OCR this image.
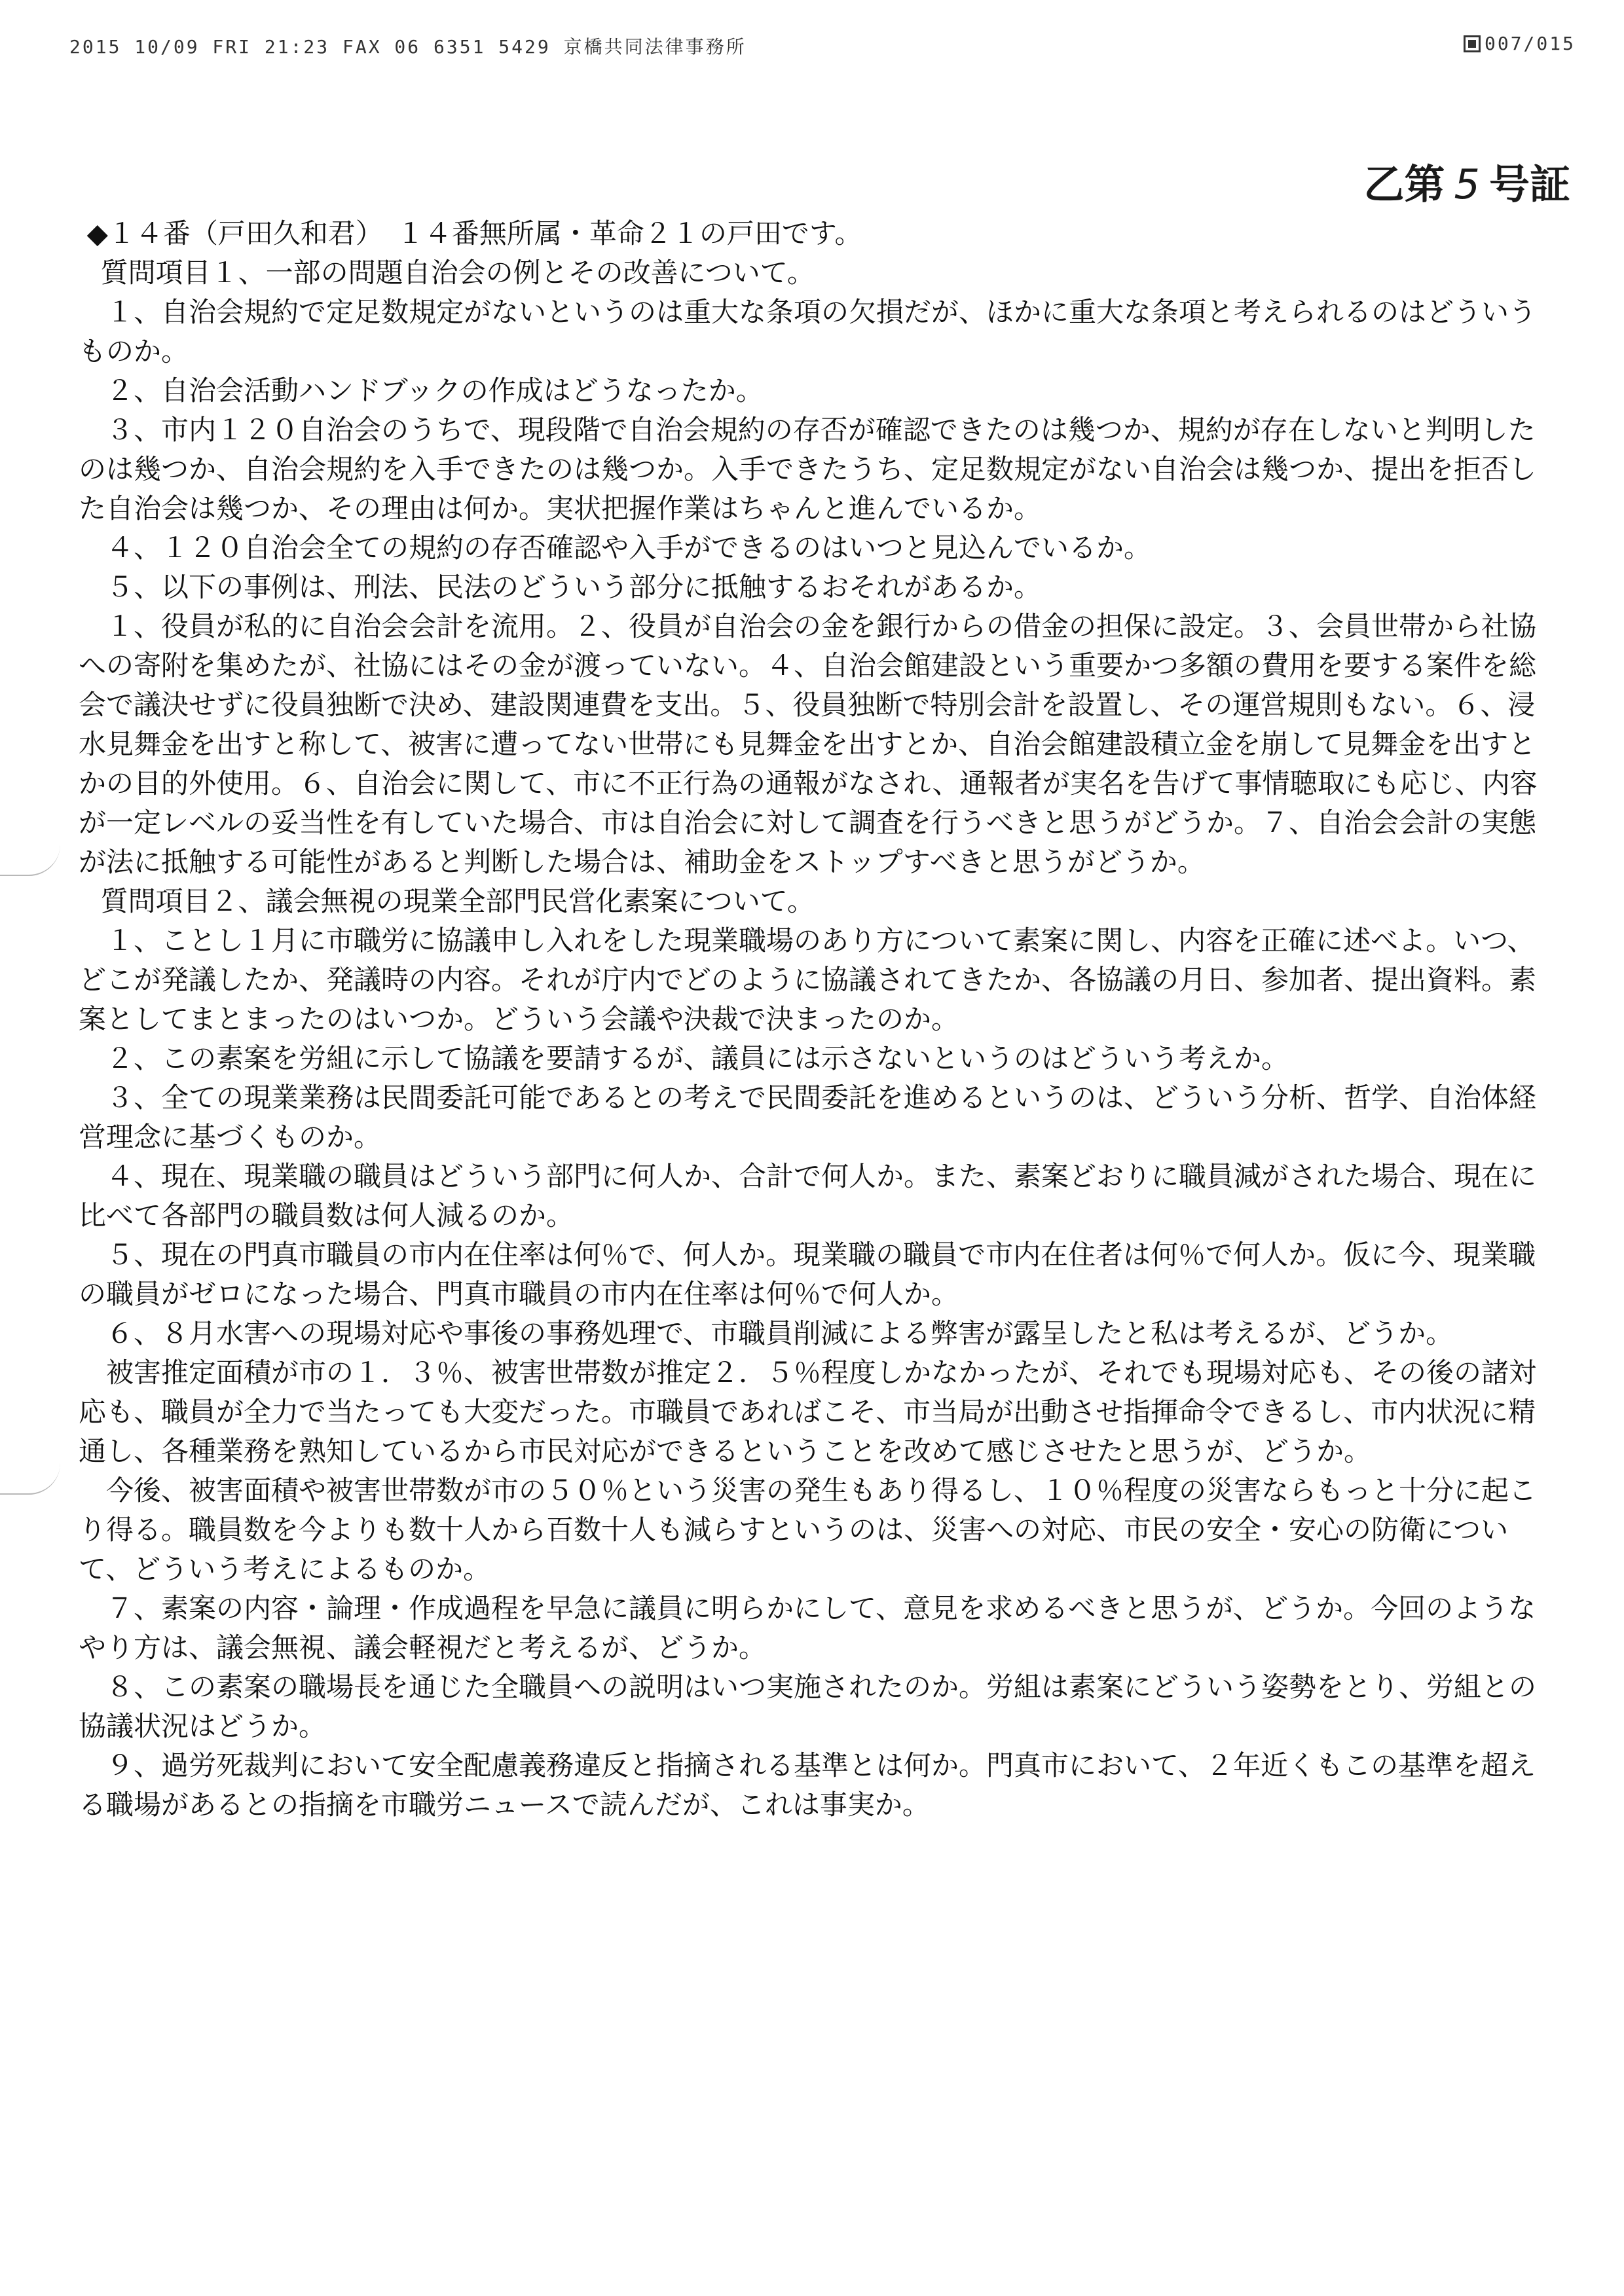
2015 10/09 FRI 21:23 FAX 06 6351 5429 京橋共同法律事務所	007/015
乙第 5 号証

◆１４番（戸田久和君）　１４番無所属・革命２１の戸田です。

質問項目１、一部の問題自治会の例とその改善について。

１、自治会規約で定足数規定がないというのは重大な条項の欠損だが、ほかに重大な条項と考えられるのはどういうものか。

２、自治会活動ハンドブックの作成はどうなったか。

３、市内１２０自治会のうちで、現段階で自治会規約の存否が確認できたのは幾つか、規約が存在しないと判明したのは幾つか、自治会規約を入手できたのは幾つか。入手できたうち、定足数規定がない自治会は幾つか、提出を拒否した自治会は幾つか、その理由は何か。実状把握作業はちゃんと進んでいるか。

４、１２０自治会全ての規約の存否確認や入手ができるのはいつと見込んでいるか。

５、以下の事例は、刑法、民法のどういう部分に抵触するおそれがあるか。

１、役員が私的に自治会会計を流用。２、役員が自治会の金を銀行からの借金の担保に設定。３、会員世帯から社協への寄附を集めたが、社協にはその金が渡っていない。４、自治会館建設という重要かつ多額の費用を要する案件を総会で議決せずに役員独断で決め、建設関連費を支出。５、役員独断で特別会計を設置し、その運営規則もない。６、浸水見舞金を出すと称して、被害に遭ってない世帯にも見舞金を出すとか、自治会館建設積立金を崩して見舞金を出すとかの目的外使用。６、自治会に関して、市に不正行為の通報がなされ、通報者が実名を告げて事情聴取にも応じ、内容が一定レベルの妥当性を有していた場合、市は自治会に対して調査を行うべきと思うがどうか。７、自治会会計の実態が法に抵触する可能性があると判断した場合は、補助金をストップすべきと思うがどうか。

質問項目２、議会無視の現業全部門民営化素案について。

１、ことし１月に市職労に協議申し入れをした現業職場のあり方について素案に関し、内容を正確に述べよ。いつ、どこが発議したか、発議時の内容。それが庁内でどのように協議されてきたか、各協議の月日、参加者、提出資料。素案としてまとまったのはいつか。どういう会議や決裁で決まったのか。

２、この素案を労組に示して協議を要請するが、議員には示さないというのはどういう考えか。

３、全ての現業業務は民間委託可能であるとの考えで民間委託を進めるというのは、どういう分析、哲学、自治体経営理念に基づくものか。

４、現在、現業職の職員はどういう部門に何人か、合計で何人か。また、素案どおりに職員減がされた場合、現在に比べて各部門の職員数は何人減るのか。

５、現在の門真市職員の市内在住率は何％で、何人か。現業職の職員で市内在住者は何％で何人か。仮に今、現業職の職員がゼロになった場合、門真市職員の市内在住率は何％で何人か。

６、８月水害への現場対応や事後の事務処理で、市職員削減による弊害が露呈したと私は考えるが、どうか。

被害推定面積が市の１．３％、被害世帯数が推定２．５％程度しかなかったが、それでも現場対応も、その後の諸対応も、職員が全力で当たっても大変だった。市職員であればこそ、市当局が出動させ指揮命令できるし、市内状況に精通し、各種業務を熟知しているから市民対応ができるということを改めて感じさせたと思うが、どうか。

今後、被害面積や被害世帯数が市の５０％という災害の発生もあり得るし、１０％程度の災害ならもっと十分に起こり得る。職員数を今よりも数十人から百数十人も減らすというのは、災害への対応、市民の安全・安心の防衛について、どういう考えによるものか。

７、素案の内容・論理・作成過程を早急に議員に明らかにして、意見を求めるべきと思うが、どうか。今回のようなやり方は、議会無視、議会軽視だと考えるが、どうか。

８、この素案の職場長を通じた全職員への説明はいつ実施されたのか。労組は素案にどういう姿勢をとり、労組との協議状況はどうか。

９、過労死裁判において安全配慮義務違反と指摘される基準とは何か。門真市において、２年近くもこの基準を超える職場があるとの指摘を市職労ニュースで読んだが、これは事実か。
